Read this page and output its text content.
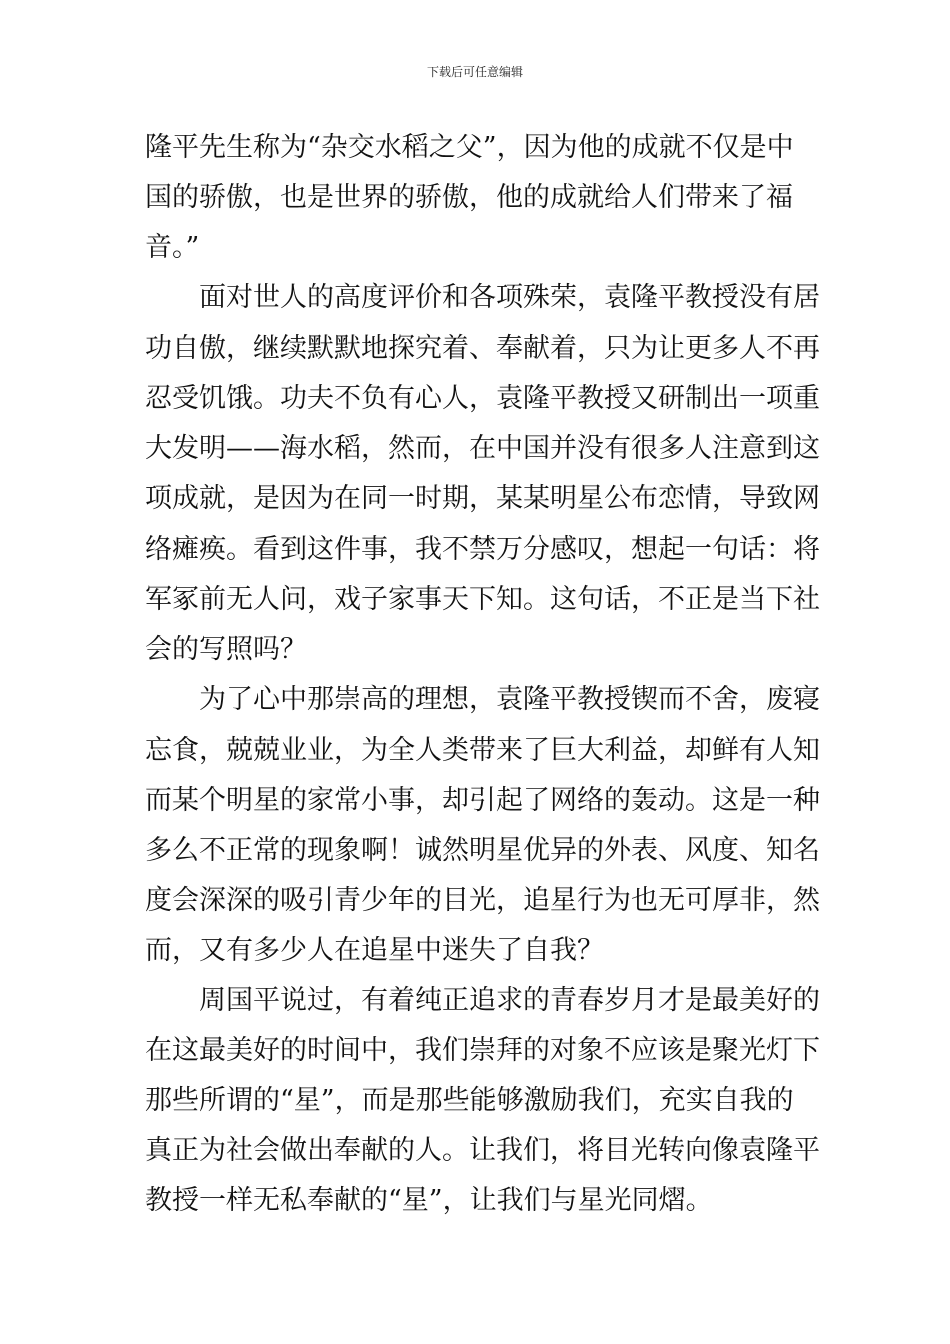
下载后可任意编辑
隆平先生称为“杂交水稻之父”，因为他的成就不仅是中
国的骄傲，也是世界的骄傲，他的成就给人们带来了福
音。”
　　面对世人的高度评价和各项殊荣，袁隆平教授没有居
功自傲，继续默默地探究着、奉献着，只为让更多人不再
忍受饥饿。功夫不负有心人，袁隆平教授又研制出一项重
大发明——海水稻，然而，在中国并没有很多人注意到这
项成就，是因为在同一时期，某某明星公布恋情，导致网
络瘫痪。看到这件事，我不禁万分感叹，想起一句话：将
军冢前无人问，戏子家事天下知。这句话，不正是当下社
会的写照吗？
　　为了心中那崇高的理想，袁隆平教授锲而不舍，废寝
忘食，兢兢业业，为全人类带来了巨大利益，却鲜有人知
而某个明星的家常小事，却引起了网络的轰动。这是一种
多么不正常的现象啊！诚然明星优异的外表、风度、知名
度会深深的吸引青少年的目光，追星行为也无可厚非，然
而，又有多少人在追星中迷失了自我？
　　周国平说过，有着纯正追求的青春岁月才是最美好的
在这最美好的时间中，我们崇拜的对象不应该是聚光灯下
那些所谓的“星”，而是那些能够激励我们，充实自我的
真正为社会做出奉献的人。让我们，将目光转向像袁隆平
教授一样无私奉献的“星”，让我们与星光同熠。
